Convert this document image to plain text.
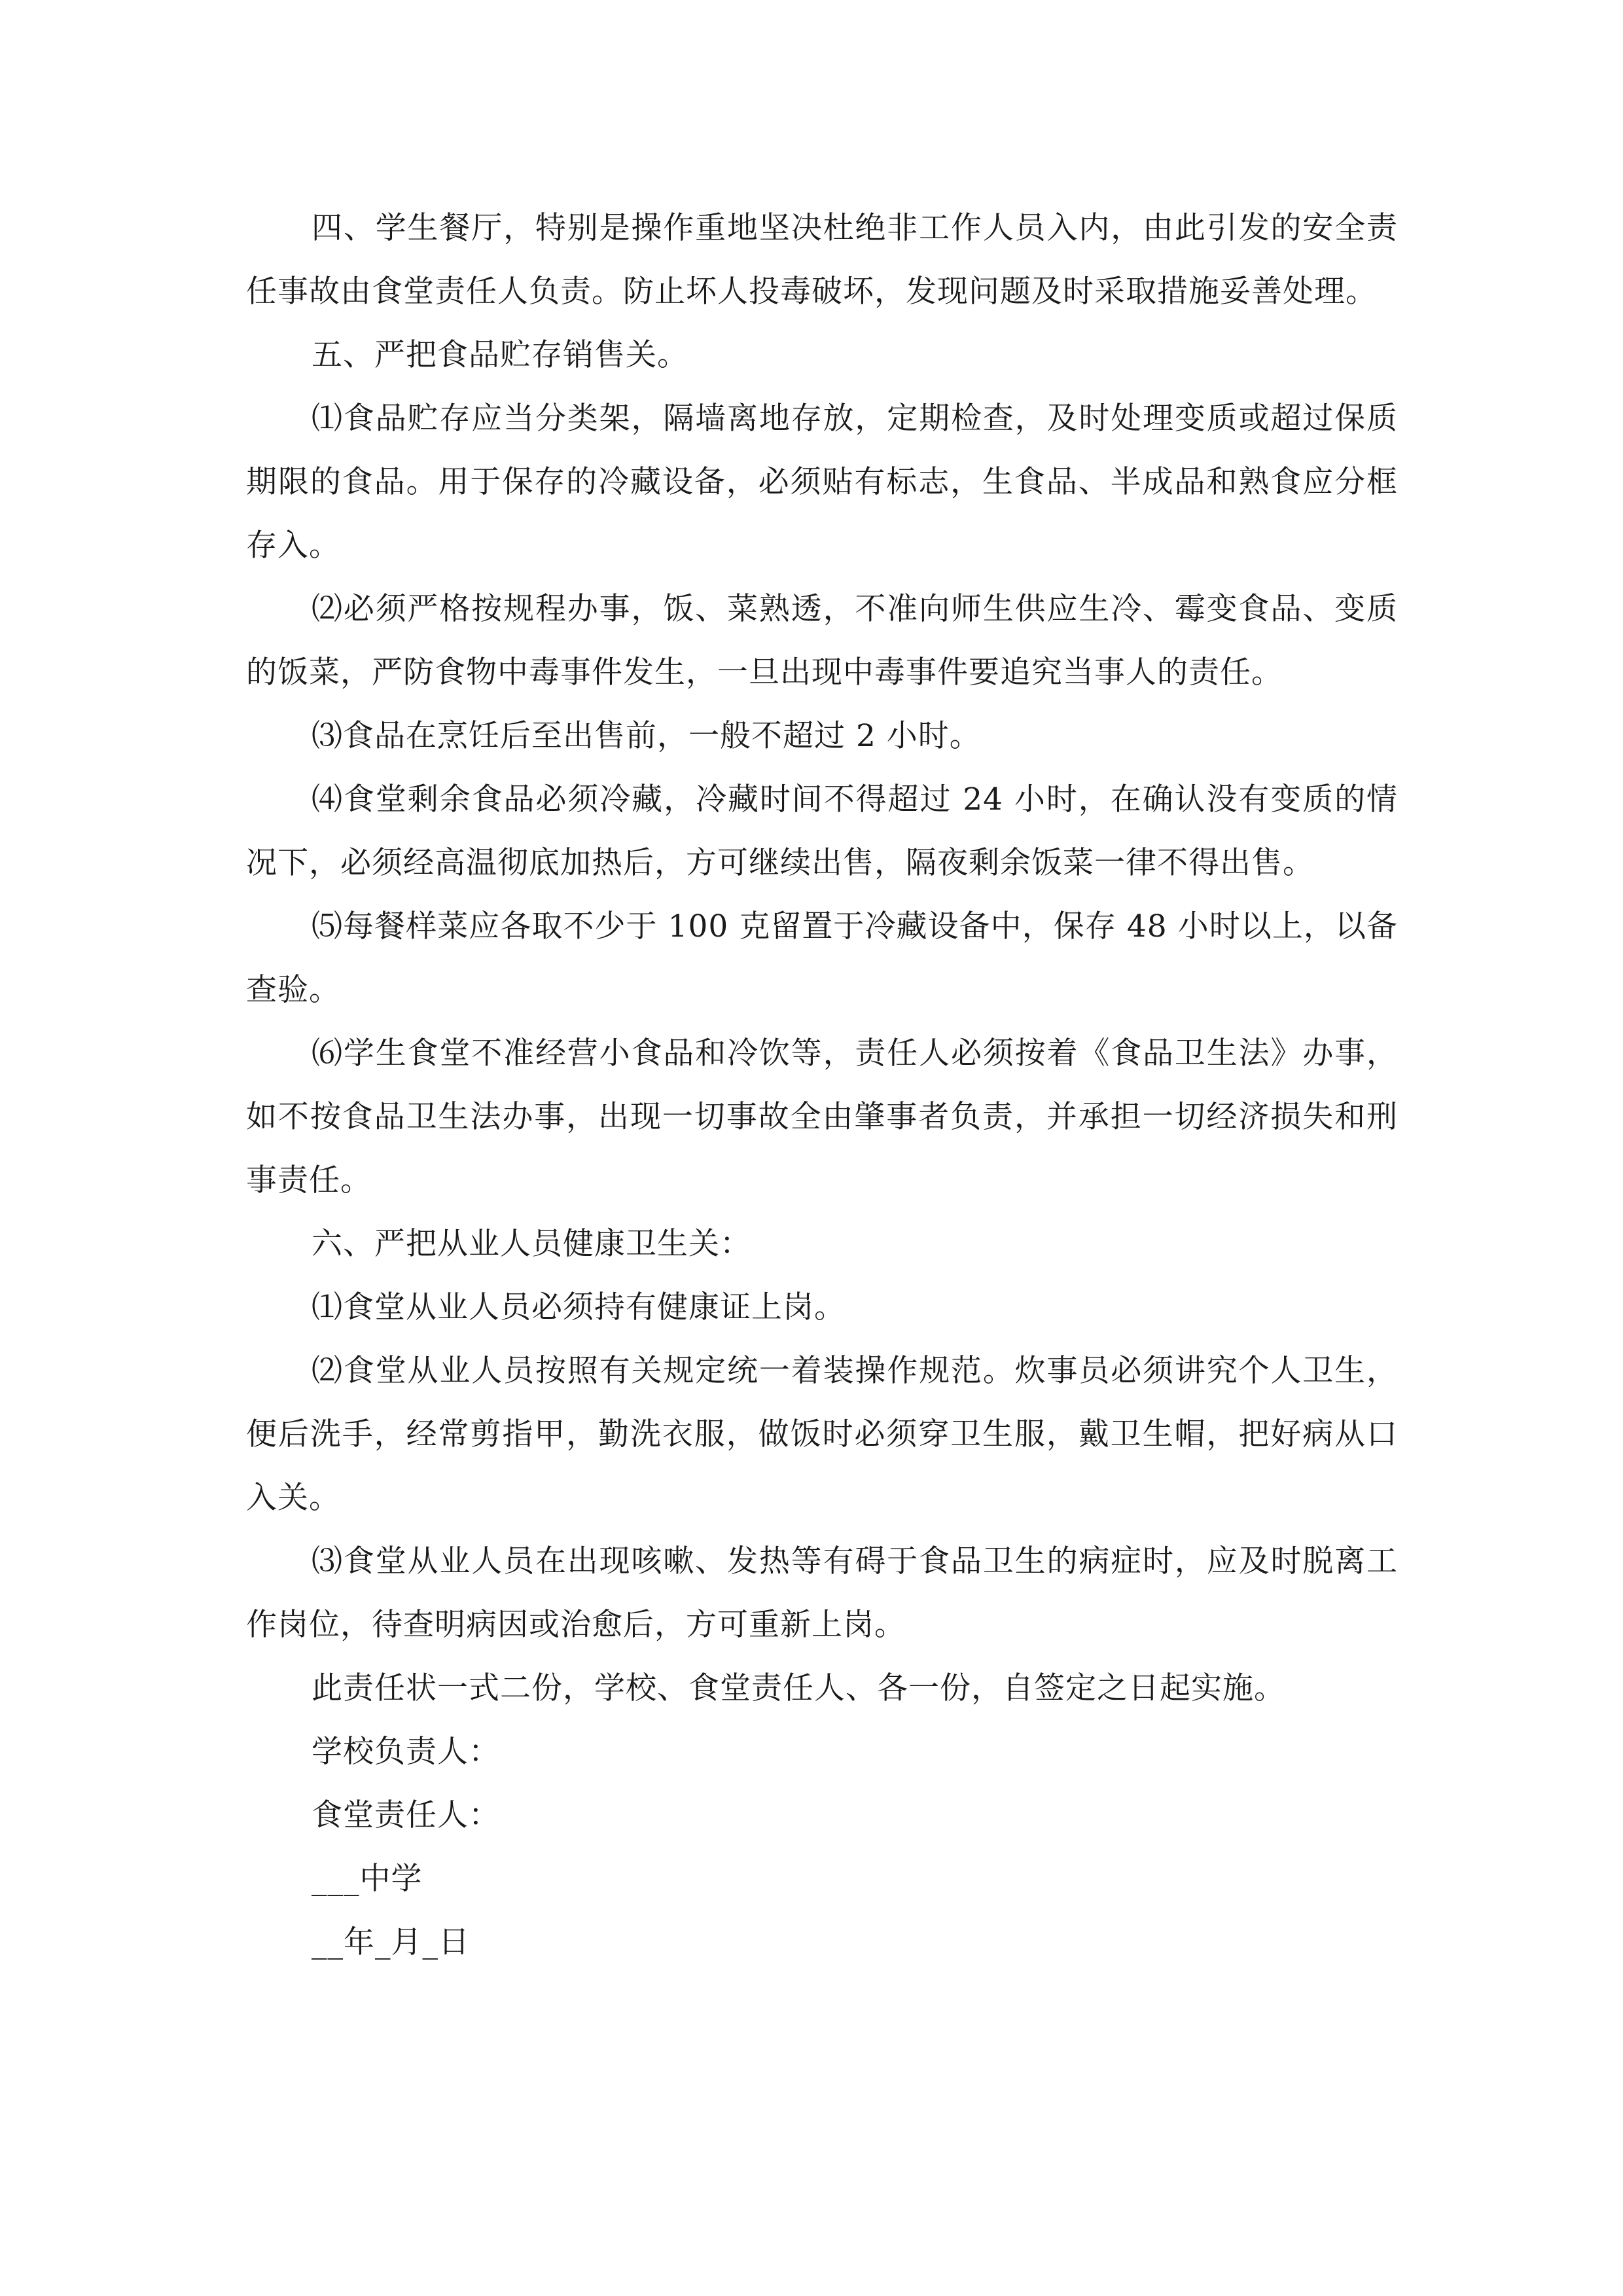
四、学生餐厅，特别是操作重地坚决杜绝非工作人员入内，由此引发的安全责任事故由食堂责任人负责。防止坏人投毒破坏，发现问题及时采取措施妥善处理。

五、严把食品贮存销售关。

⑴食品贮存应当分类架，隔墙离地存放，定期检查，及时处理变质或超过保质期限的食品。用于保存的冷藏设备，必须贴有标志，生食品、半成品和熟食应分框存入。

⑵必须严格按规程办事，饭、菜熟透，不准向师生供应生冷、霉变食品、变质的饭菜，严防食物中毒事件发生，一旦出现中毒事件要追究当事人的责任。

⑶食品在烹饪后至出售前，一般不超过 2 小时。

⑷食堂剩余食品必须冷藏，冷藏时间不得超过 24 小时，在确认没有变质的情况下，必须经高温彻底加热后，方可继续出售，隔夜剩余饭菜一律不得出售。

⑸每餐样菜应各取不少于 100 克留置于冷藏设备中，保存 48 小时以上，以备查验。

⑹学生食堂不准经营小食品和冷饮等，责任人必须按着《食品卫生法》办事，如不按食品卫生法办事，出现一切事故全由肇事者负责，并承担一切经济损失和刑事责任。

六、严把从业人员健康卫生关：

⑴食堂从业人员必须持有健康证上岗。

⑵食堂从业人员按照有关规定统一着装操作规范。炊事员必须讲究个人卫生，便后洗手，经常剪指甲，勤洗衣服，做饭时必须穿卫生服，戴卫生帽，把好病从口入关。

⑶食堂从业人员在出现咳嗽、发热等有碍于食品卫生的病症时，应及时脱离工作岗位，待查明病因或治愈后，方可重新上岗。

此责任状一式二份，学校、食堂责任人、各一份，自签定之日起实施。

学校负责人：

食堂责任人：

___中学

__年_月_日
